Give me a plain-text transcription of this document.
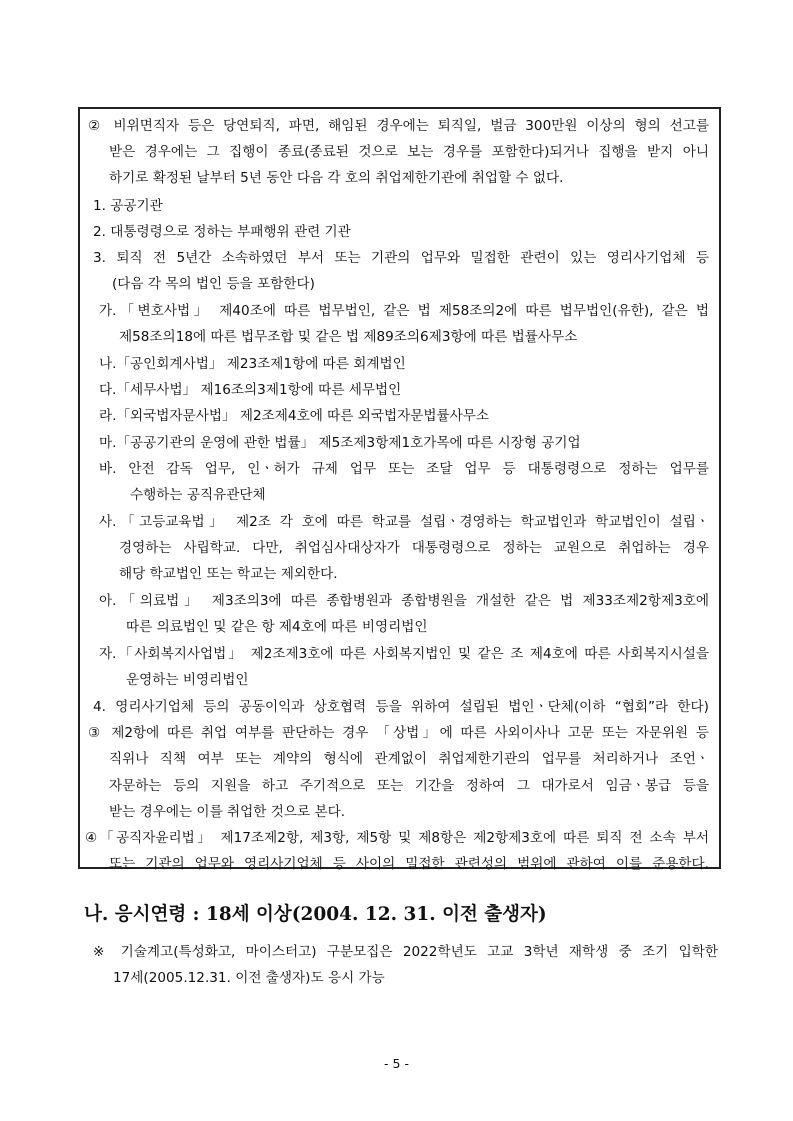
② 비위면직자 등은 당연퇴직, 파면, 해임된 경우에는 퇴직일, 벌금 300만원 이상의 형의 선고를
받은 경우에는 그 집행이 종료(종료된 것으로 보는 경우를 포함한다)되거나 집행을 받지 아니
하기로 확정된 날부터 5년 동안 다음 각 호의 취업제한기관에 취업할 수 없다.
1. 공공기관
2. 대통령령으로 정하는 부패행위 관련 기관
3. 퇴직 전 5년간 소속하였던 부서 또는 기관의 업무와 밀접한 관련이 있는 영리사기업체 등
(다음 각 목의 법인 등을 포함한다)
가.「변호사법」 제40조에 따른 법무법인, 같은 법 제58조의2에 따른 법무법인(유한), 같은 법
제58조의18에 따른 법무조합 및 같은 법 제89조의6제3항에 따른 법률사무소
나.「공인회계사법」 제23조제1항에 따른 회계법인
다.「세무사법」 제16조의3제1항에 따른 세무법인
라.「외국법자문사법」 제2조제4호에 따른 외국법자문법률사무소
마.「공공기관의 운영에 관한 법률」 제5조제3항제1호가목에 따른 시장형 공기업
바. 안전 감독 업무, 인ㆍ허가 규제 업무 또는 조달 업무 등 대통령령으로 정하는 업무를
수행하는 공직유관단체
사.「고등교육법」 제2조 각 호에 따른 학교를 설립ㆍ경영하는 학교법인과 학교법인이 설립ㆍ
경영하는 사립학교. 다만, 취업심사대상자가 대통령령으로 정하는 교원으로 취업하는 경우
해당 학교법인 또는 학교는 제외한다.
아.「의료법」 제3조의3에 따른 종합병원과 종합병원을 개설한 같은 법 제33조제2항제3호에
따른 의료법인 및 같은 항 제4호에 따른 비영리법인
자.「사회복지사업법」 제2조제3호에 따른 사회복지법인 및 같은 조 제4호에 따른 사회복지시설을
운영하는 비영리법인
4. 영리사기업체 등의 공동이익과 상호협력 등을 위하여 설립된 법인ㆍ단체(이하 “협회”라 한다)
③ 제2항에 따른 취업 여부를 판단하는 경우 「상법」에 따른 사외이사나 고문 또는 자문위원 등
직위나 직책 여부 또는 계약의 형식에 관계없이 취업제한기관의 업무를 처리하거나 조언ㆍ
자문하는 등의 지원을 하고 주기적으로 또는 기간을 정하여 그 대가로서 임금ㆍ봉급 등을
받는 경우에는 이를 취업한 것으로 본다.
④「공직자윤리법」 제17조제2항, 제3항, 제5항 및 제8항은 제2항제3호에 따른 퇴직 전 소속 부서
또는 기관의 업무와 영리사기업체 등 사이의 밀접한 관련성의 범위에 관하여 이를 준용한다.
나. 응시연령 : 18세 이상(2004. 12. 31. 이전 출생자)
※ 기술계고(특성화고, 마이스터고) 구분모집은 2022학년도 고교 3학년 재학생 중 조기 입학한
17세(2005.12.31. 이전 출생자)도 응시 가능
- 5 -
